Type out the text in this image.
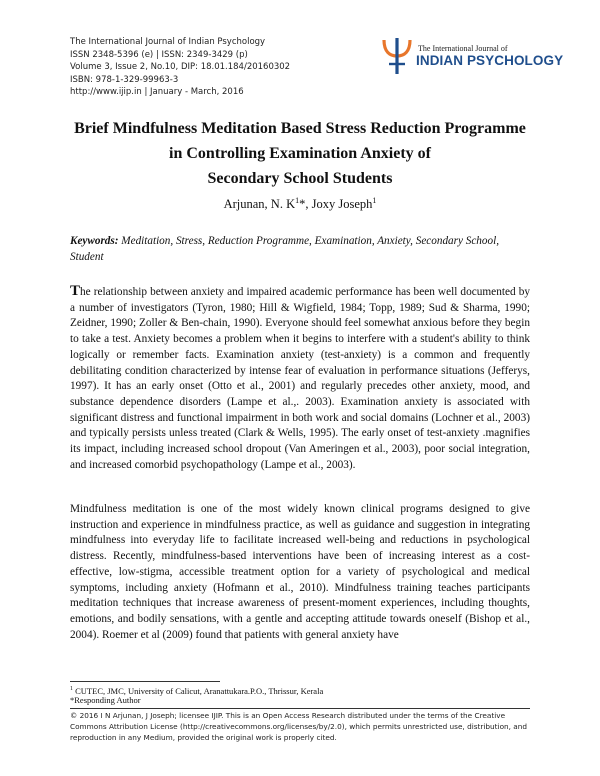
The International Journal of Indian Psychology
ISSN 2348-5396 (e) | ISSN: 2349-3429 (p)
Volume 3, Issue 2, No.10, DIP: 18.01.184/20160302
ISBN: 978-1-329-99963-3
http://www.ijip.in | January - March, 2016
The International Journal of
INDIAN PSYCHOLOGY
Brief Mindfulness Meditation Based Stress Reduction Programme
in Controlling Examination Anxiety of
Secondary School Students
Arjunan, N. $K^1*$, Joxy Joseph$^1$
Keywords: Meditation, Stress, Reduction Programme, Examination, Anxiety, Secondary School, Student
The relationship between anxiety and impaired academic performance has been well documented by a number of investigators (Tyron, 1980; Hill & Wigfield, 1984; Topp, 1989; Sud & Sharma, 1990; Zeidner, 1990; Zoller & Ben-chain, 1990). Everyone should feel somewhat anxious before they begin to take a test. Anxiety becomes a problem when it begins to interfere with a student's ability to think logically or remember facts. Examination anxiety (test-anxiety) is a common and frequently debilitating condition characterized by intense fear of evaluation in performance situations (Jefferys, 1997). It has an early onset (Otto et al., 2001) and regularly precedes other anxiety, mood, and substance dependence disorders (Lampe et al.,. 2003). Examination anxiety is associated with significant distress and functional impairment in both work and social domains (Lochner et al., 2003) and typically persists unless treated (Clark & Wells, 1995). The early onset of test-anxiety .magnifies its impact, including increased school dropout (Van Ameringen et al., 2003), poor social integration, and increased comorbid psychopathology (Lampe et al., 2003).
Mindfulness meditation is one of the most widely known clinical programs designed to give instruction and experience in mindfulness practice, as well as guidance and suggestion in integrating mindfulness into everyday life to facilitate increased well-being and reductions in psychological distress. Recently, mindfulness-based interventions have been of increasing interest as a cost-effective, low-stigma, accessible treatment option for a variety of psychological and medical symptoms, including anxiety (Hofmann et al., 2010). Mindfulness training teaches participants meditation techniques that increase awareness of present-moment experiences, including thoughts, emotions, and bodily sensations, with a gentle and accepting attitude towards oneself (Bishop et al., 2004). Roemer et al (2009) found that patients with general anxiety have
$^1$ CUTEC, JMC, University of Calicut, Aranattukara.P.O., Thrissur, Kerala
*Responding Author
© 2016 I N Arjunan, J Joseph; licensee IJIP. This is an Open Access Research distributed under the terms of the Creative Commons Attribution License (http://creativecommons.org/licenses/by/2.0), which permits unrestricted use, distribution, and reproduction in any Medium, provided the original work is properly cited.
